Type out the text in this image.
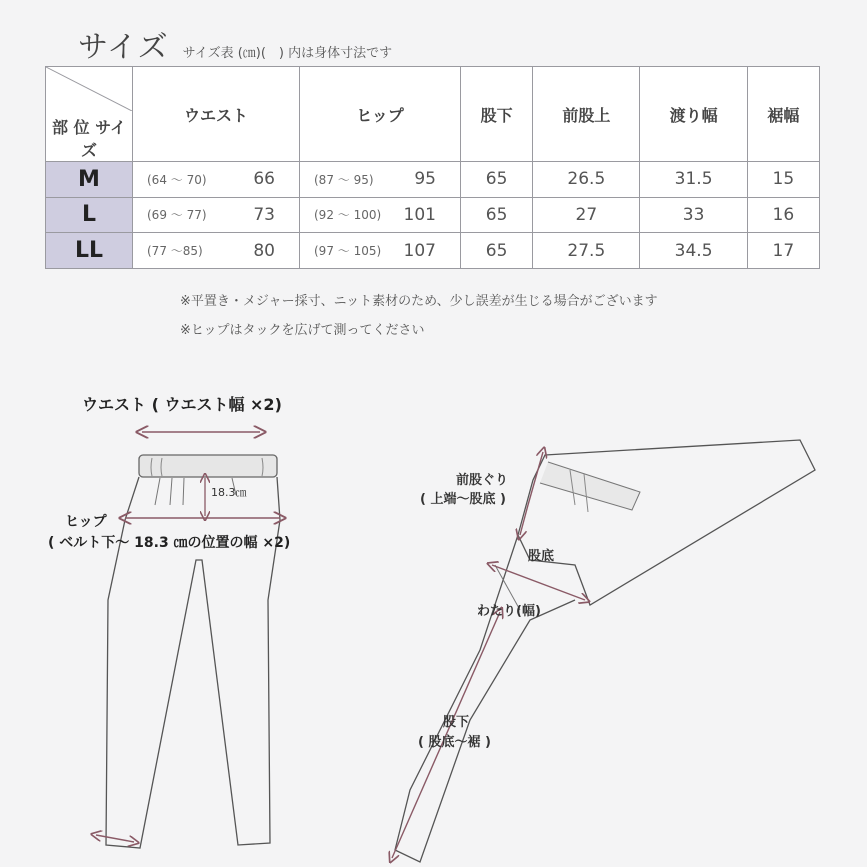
サイズ サイズ表 (㎝)(　) 内は身体寸法です
部 位 サイズ	ウエスト	ヒップ	股下	前股上	渡り幅	裾幅
M	(64 ～ 70) 66	(87 ～ 95) 95	65	26.5	31.5	15
L	(69 ～ 77) 73	(92 ～ 100) 101	65	27	33	16
LL	(77 ～85) 80	(97 ～ 105) 107	65	27.5	34.5	17
※平置き・メジャー採寸、ニット素材のため、少し誤差が生じる場合がございます
※ヒップはタックを広げて測ってください
ウエスト ( ウエスト幅 ×2)
18.3㎝
ヒップ
( ベルト下～ 18.3 ㎝の位置の幅 ×2)
前股ぐり
( 上端～股底 )
股底
わたり(幅)
股下
( 股底～裾 )
